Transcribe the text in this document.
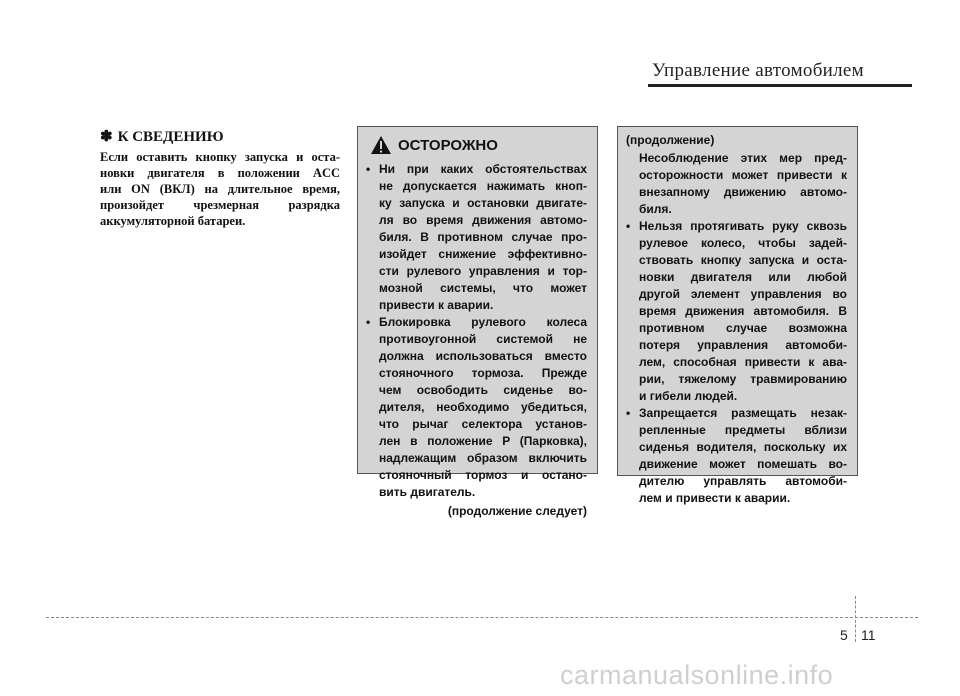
Управление автомобилем
✽ К СВЕДЕНИЮ
Если оставить кнопку запуска и оста-
новки двигателя в положении ACC
или ON (ВКЛ) на длительное время,
произойдет чрезмерная разрядка
аккумуляторной батареи.
ОСТОРОЖНО
• Ни при каких обстоятельствах
не допускается нажимать кноп-
ку запуска и остановки двигате-
ля во время движения автомо-
биля. В противном случае про-
изойдет снижение эффективно-
сти рулевого управления и тор-
мозной системы, что может
привести к аварии.
• Блокировка рулевого колеса
противоугонной системой не
должна использоваться вместо
стояночного тормоза. Прежде
чем освободить сиденье во-
дителя, необходимо убедиться,
что рычаг селектора установ-
лен в положение P (Парковка),
надлежащим образом включить
стояночный тормоз и остано-
вить двигатель.
(продолжение следует)
(продолжение)
Несоблюдение этих мер пред-
осторожности может привести к
внезапному движению автомо-
биля.
• Нельзя протягивать руку сквозь
рулевое колесо, чтобы задей-
ствовать кнопку запуска и оста-
новки двигателя или любой
другой элемент управления во
время движения автомобиля. В
противном случае возможна
потеря управления автомоби-
лем, способная привести к ава-
рии, тяжелому травмированию
и гибели людей.
• Запрещается размещать незак-
репленные предметы вблизи
сиденья водителя, поскольку их
движение может помешать во-
дителю управлять автомоби-
лем и привести к аварии.
5 11
carmanualsonline.info
